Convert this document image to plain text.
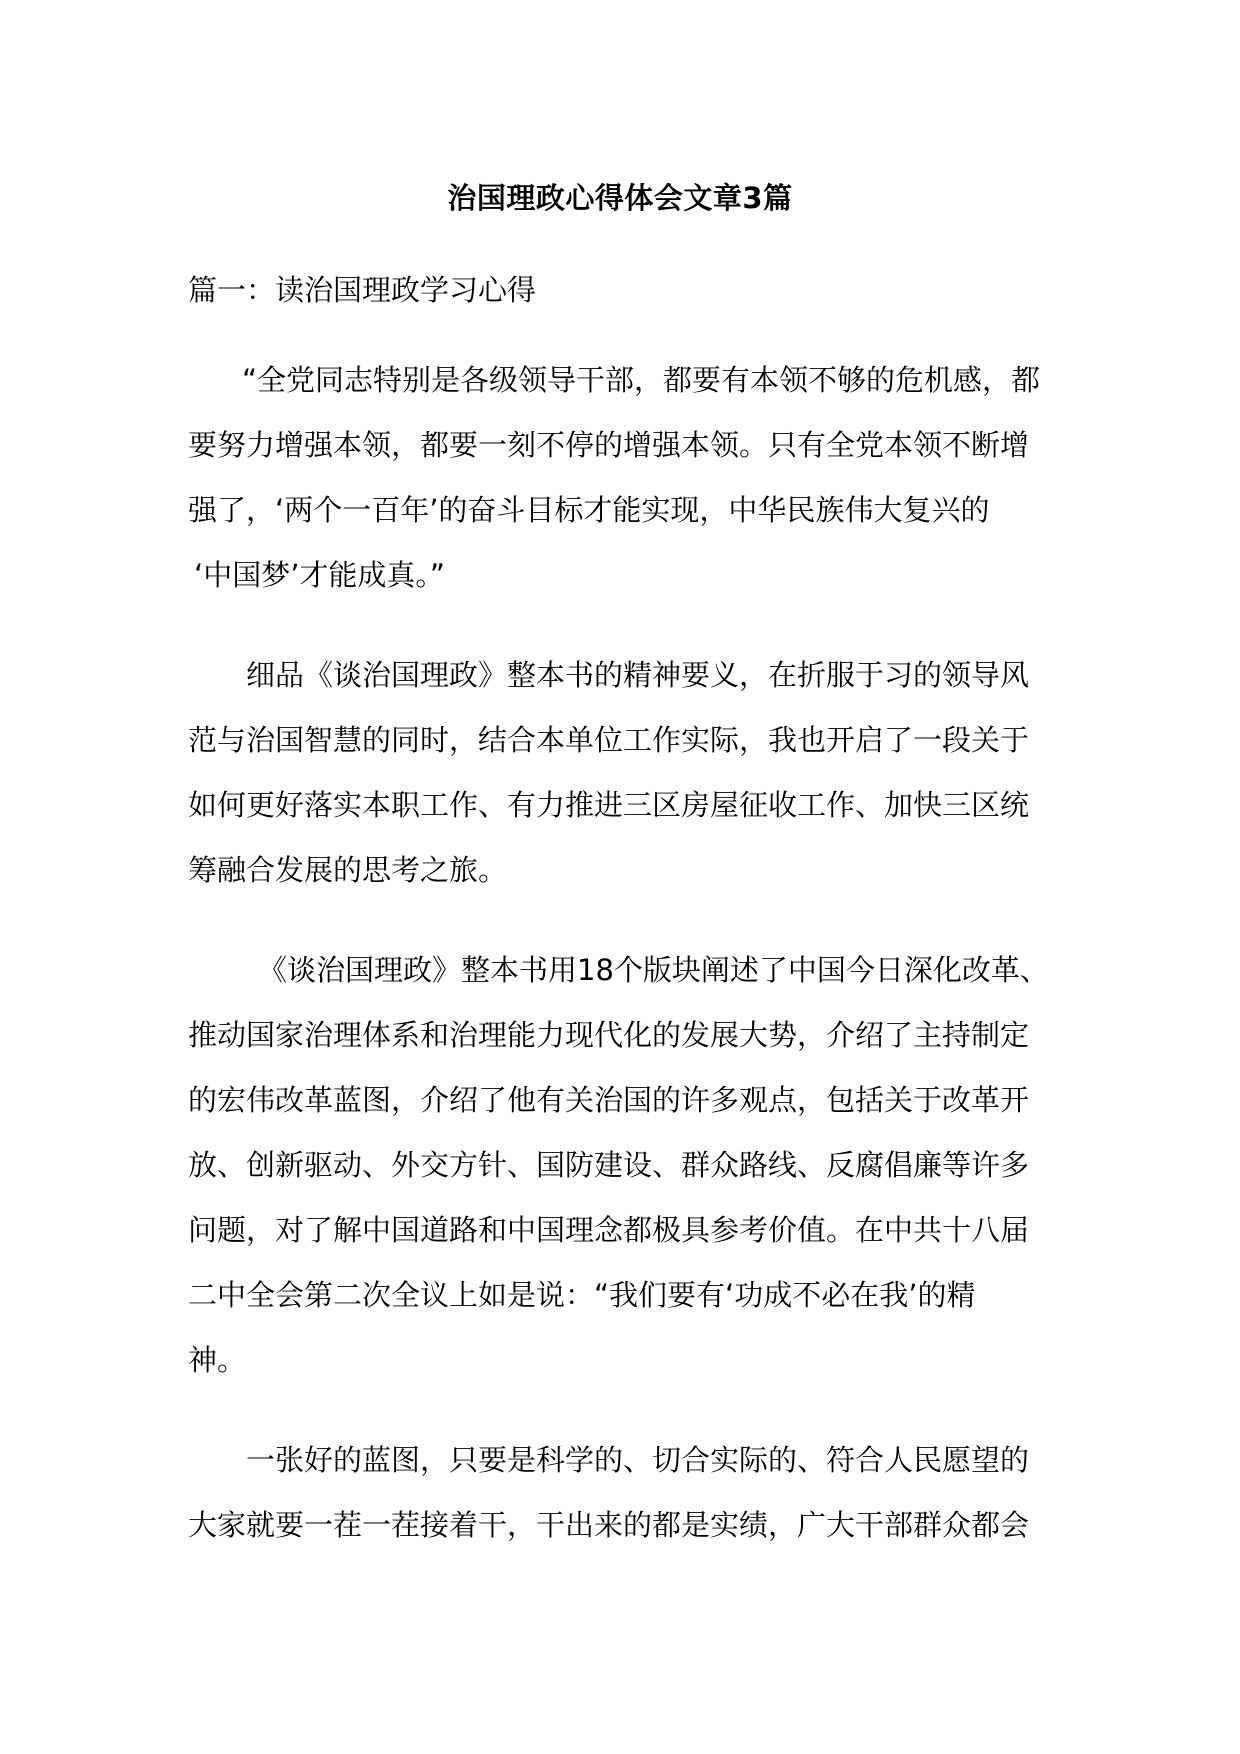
治国理政心得体会文章3篇
篇一：读治国理政学习心得
“全党同志特别是各级领导干部，都要有本领不够的危机感，都
要努力增强本领，都要一刻不停的增强本领。只有全党本领不断增
强了，‘两个一百年’的奋斗目标才能实现，中华民族伟大复兴的
‘中国梦’才能成真。”
细品《谈治国理政》整本书的精神要义，在折服于习的领导风
范与治国智慧的同时，结合本单位工作实际，我也开启了一段关于
如何更好落实本职工作、有力推进三区房屋征收工作、加快三区统
筹融合发展的思考之旅。
《谈治国理政》整本书用18个版块阐述了中国今日深化改革、
推动国家治理体系和治理能力现代化的发展大势，介绍了主持制定
的宏伟改革蓝图，介绍了他有关治国的许多观点，包括关于改革开
放、创新驱动、外交方针、国防建设、群众路线、反腐倡廉等许多
问题，对了解中国道路和中国理念都极具参考价值。在中共十八届
二中全会第二次全议上如是说：“我们要有‘功成不必在我’的精
神。
一张好的蓝图，只要是科学的、切合实际的、符合人民愿望的
大家就要一茬一茬接着干，干出来的都是实绩，广大干部群众都会
